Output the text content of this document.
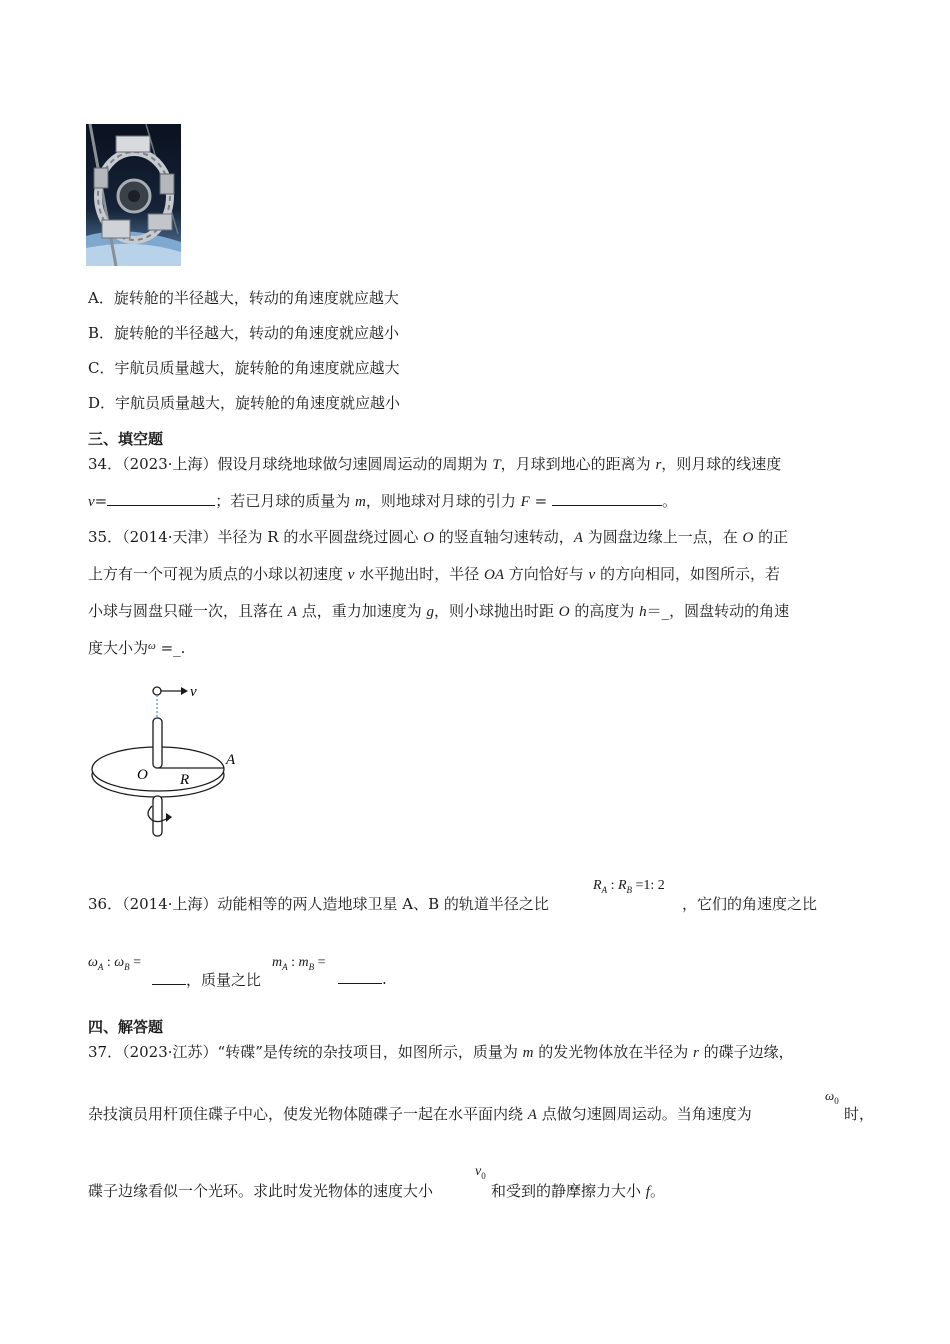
A．旋转舱的半径越大，转动的角速度就应越大
B．旋转舱的半径越大，转动的角速度就应越小
C．宇航员质量越大，旋转舱的角速度就应越大
D．宇航员质量越大，旋转舱的角速度就应越小
三、填空题
34．（2023·上海）假设月球绕地球做匀速圆周运动的周期为 T，月球到地心的距离为 r，则月球的线速度
v=	；若已月球的质量为 m，则地球对月球的引力 F =	。
35．（2014·天津）半径为 R 的水平圆盘绕过圆心 O 的竖直轴匀速转动，A 为圆盘边缘上一点，在 O 的正
上方有一个可视为质点的小球以初速度 v 水平抛出时，半径 OA 方向恰好与 v 的方向相同，如图所示，若
小球与圆盘只碰一次，且落在 A 点，重力加速度为 g，则小球抛出时距 O 的高度为 h＝_，圆盘转动的角速
度大小为$^\omega$ =_.
v
O R
A
36．（2014·上海）动能相等的两人造地球卫星 A、B 的轨道半径之比
$R_A$ : $R_B =1$: 2
，它们的角速度之比
$\omega_A$ : $\omega_B$ =
，质量之比
$m_A$ : $m_B$ =
.
四、解答题
37．（2023·江苏）“转碟”是传统的杂技项目，如图所示，质量为 m 的发光物体放在半径为 r 的碟子边缘，
杂技演员用杆顶住碟子中心，使发光物体随碟子一起在水平面内绕 A 点做匀速圆周运动。当角速度为
$\omega_0$
时，
碟子边缘看似一个光环。求此时发光物体的速度大小
$v_0$
和受到的静摩擦力大小 f。
